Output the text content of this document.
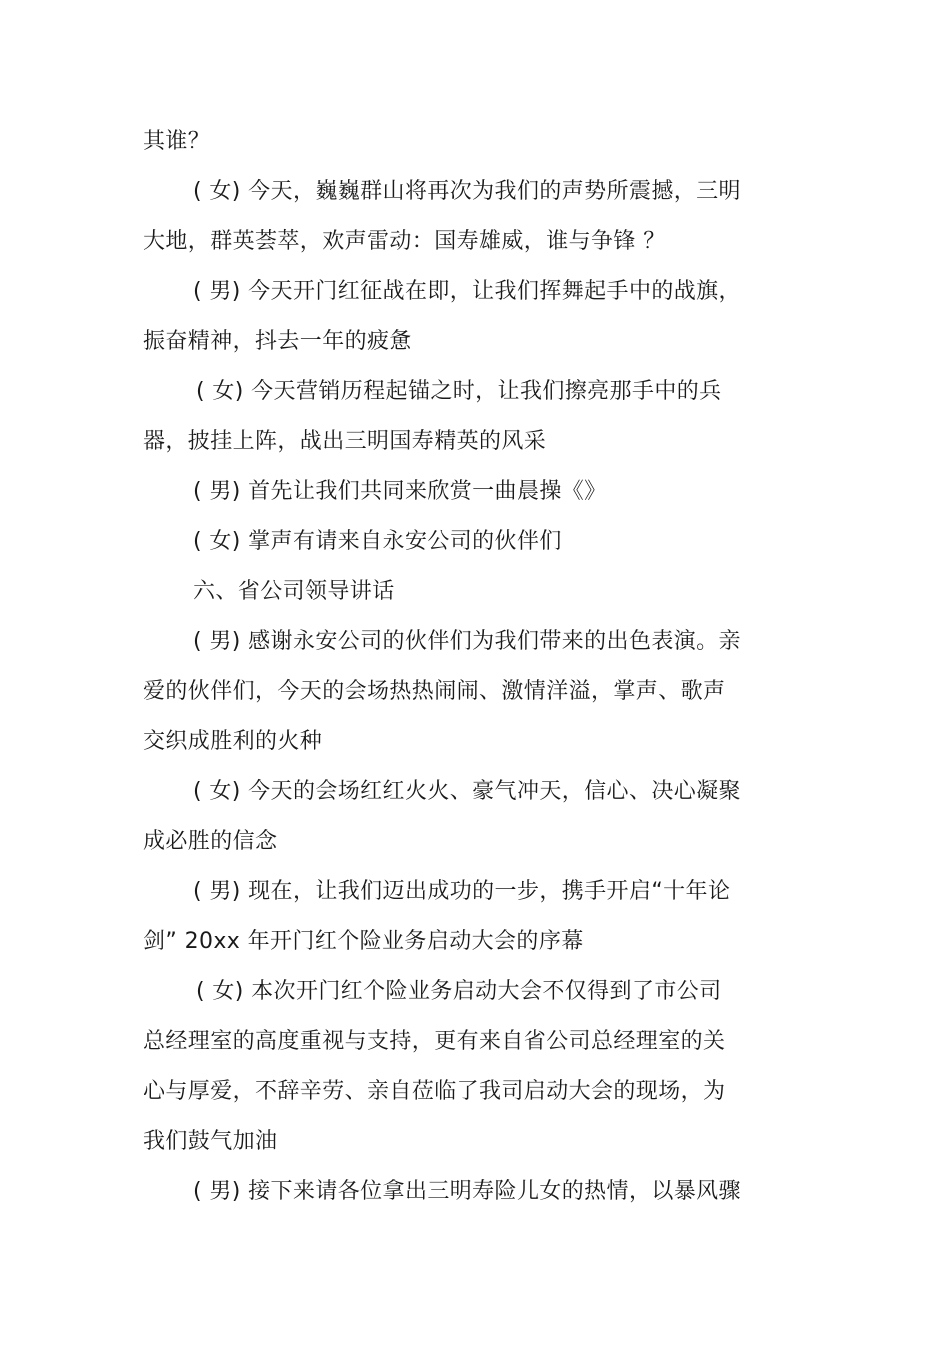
其谁？
( 女) 今天，巍巍群山将再次为我们的声势所震撼，三明
大地，群英荟萃，欢声雷动：国寿雄威，谁与争锋 ？
( 男) 今天开门红征战在即，让我们挥舞起手中的战旗，
振奋精神，抖去一年的疲惫
( 女) 今天营销历程起锚之时，让我们擦亮那手中的兵
器，披挂上阵，战出三明国寿精英的风采
( 男) 首先让我们共同来欣赏一曲晨操《》
( 女) 掌声有请来自永安公司的伙伴们
六、省公司领导讲话
( 男) 感谢永安公司的伙伴们为我们带来的出色表演。亲
爱的伙伴们，今天的会场热热闹闹、激情洋溢，掌声、歌声
交织成胜利的火种
( 女) 今天的会场红红火火、豪气冲天，信心、决心凝聚
成必胜的信念
( 男) 现在，让我们迈出成功的一步，携手开启“十年论
剑” 20xx 年开门红个险业务启动大会的序幕
( 女) 本次开门红个险业务启动大会不仅得到了市公司
总经理室的高度重视与支持，更有来自省公司总经理室的关
心与厚爱，不辞辛劳、亲自莅临了我司启动大会的现场，为
我们鼓气加油
( 男) 接下来请各位拿出三明寿险儿女的热情，以暴风骤
